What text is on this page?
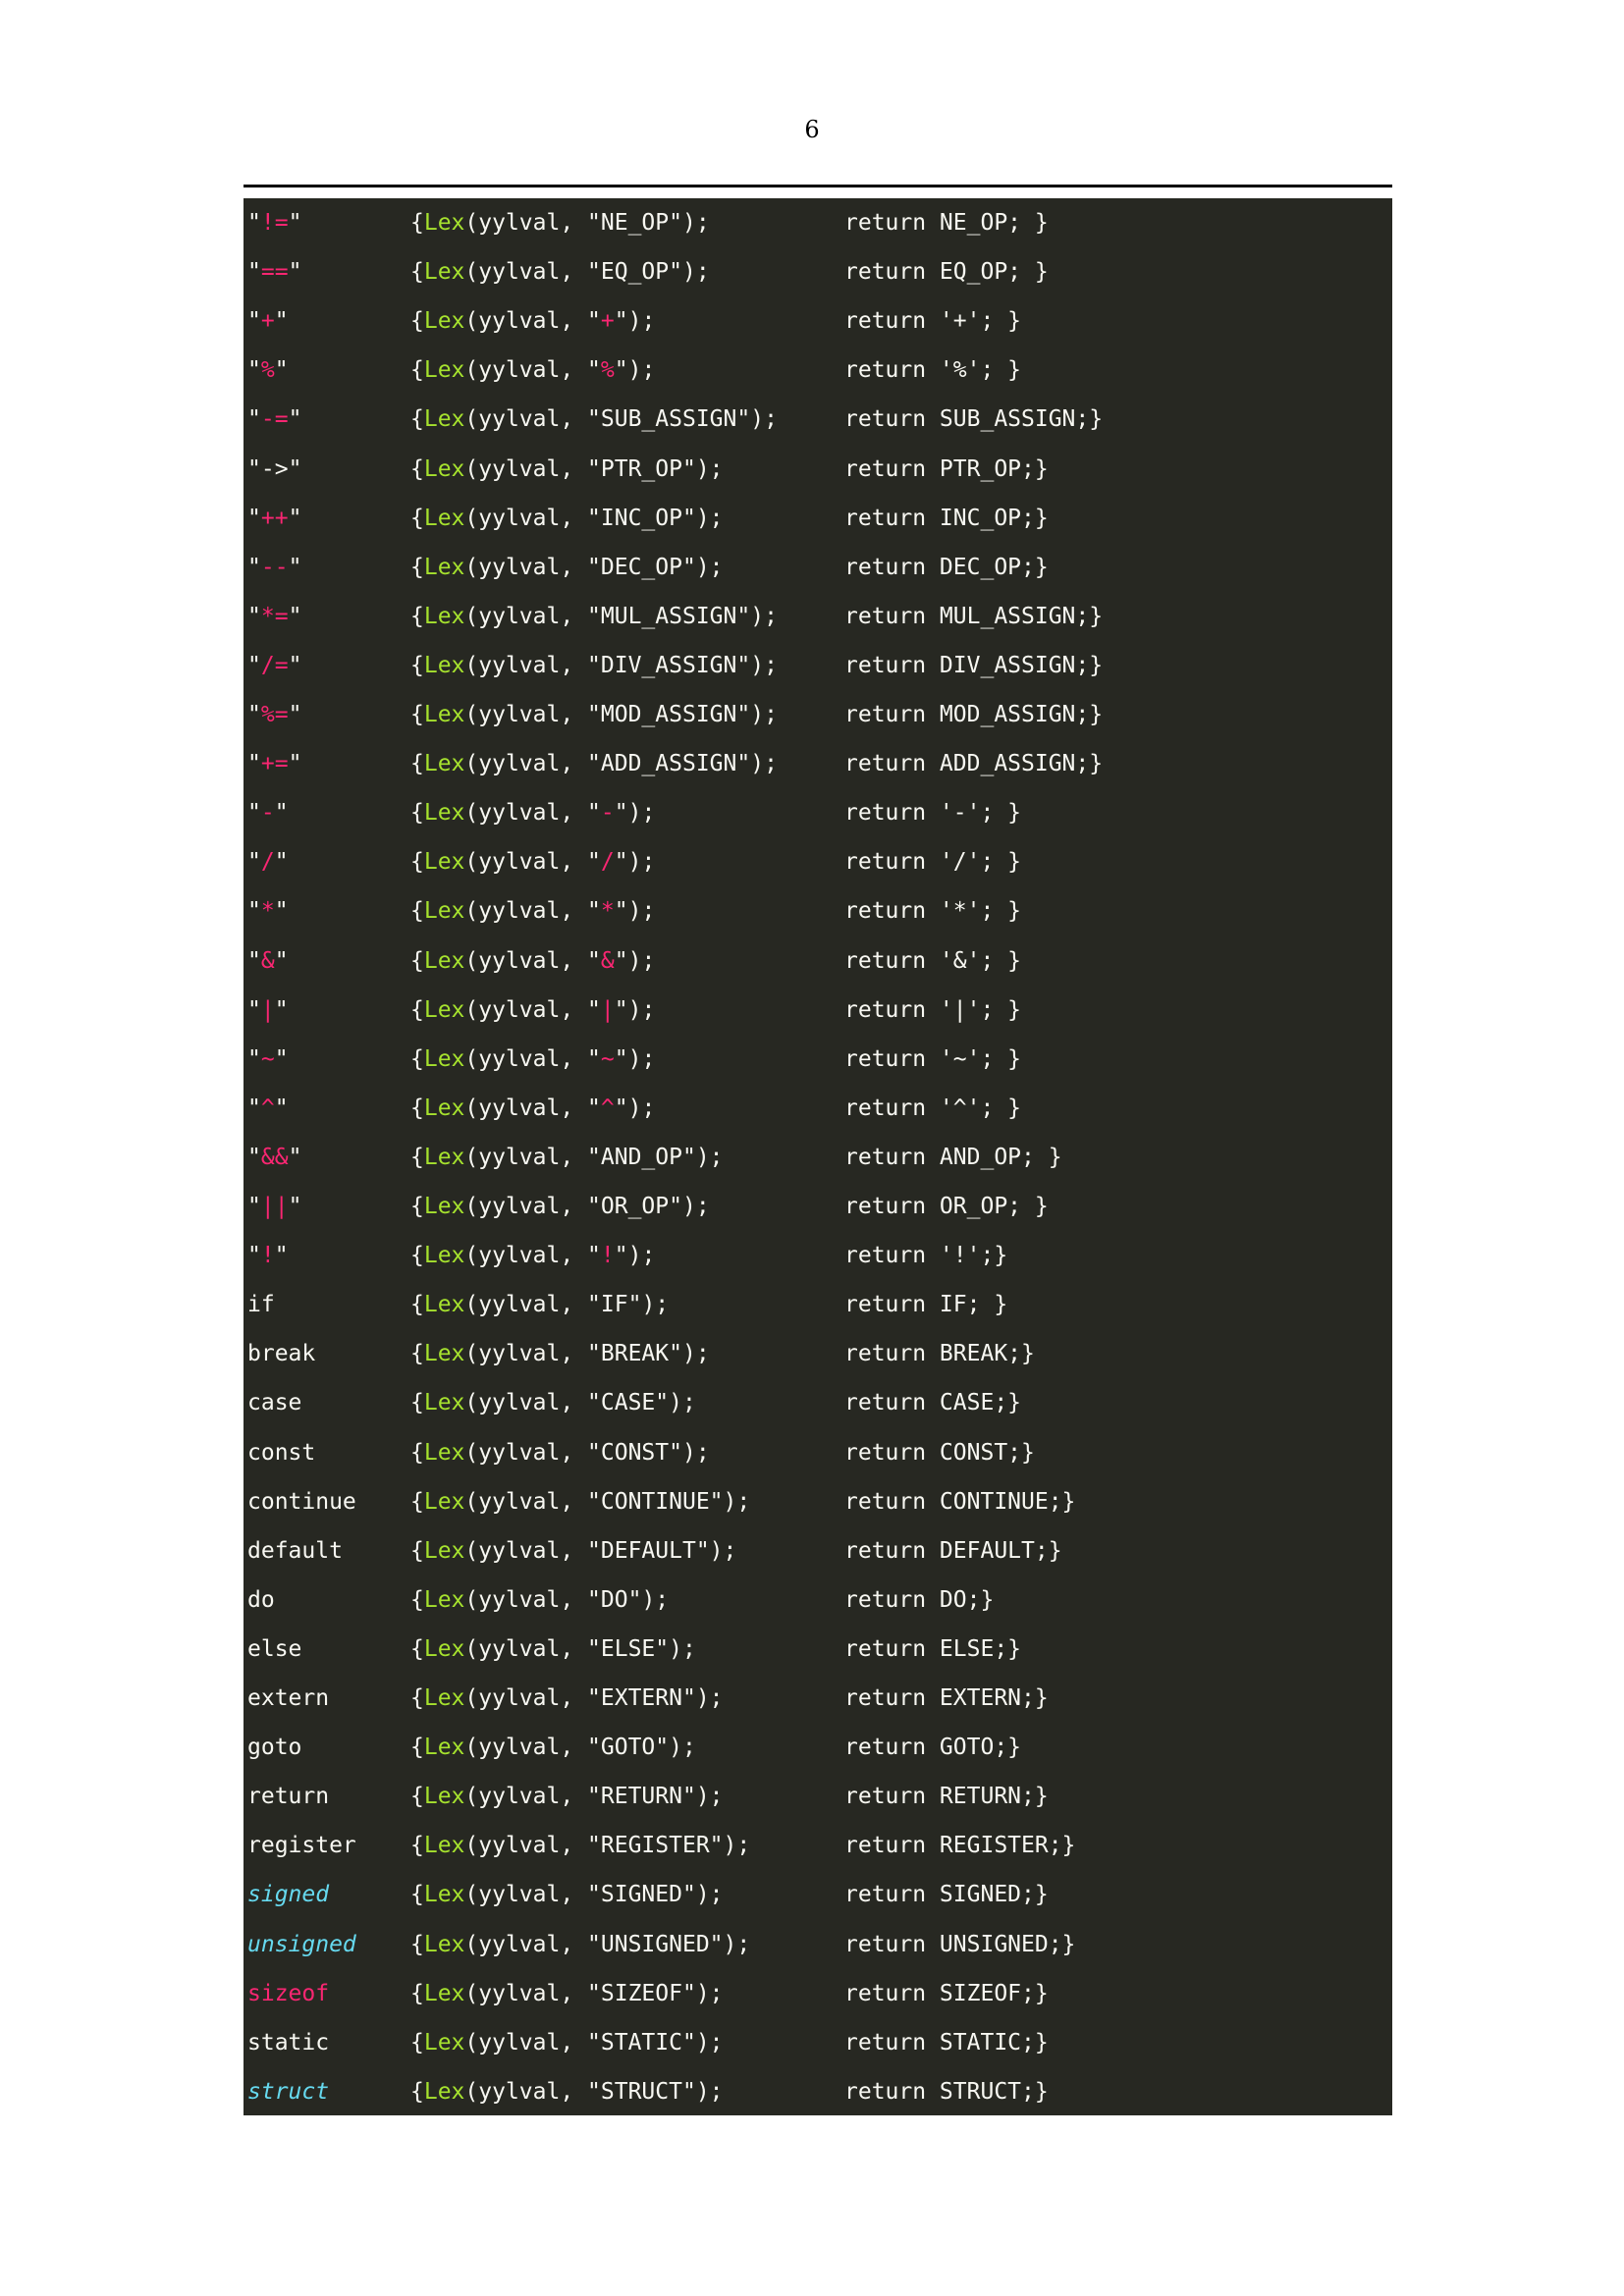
6
"!="	{Lex(yylval, "NE_OP");	return NE_OP; }
"=="	{Lex(yylval, "EQ_OP");	return EQ_OP; }
"+"	{Lex(yylval, "+");	return '+'; }
"%"	{Lex(yylval, "%");	return '%'; }
"-="	{Lex(yylval, "SUB_ASSIGN");	return SUB_ASSIGN;}
"->"	{Lex(yylval, "PTR_OP");	return PTR_OP;}
"++"	{Lex(yylval, "INC_OP");	return INC_OP;}
"--"	{Lex(yylval, "DEC_OP");	return DEC_OP;}
"*="	{Lex(yylval, "MUL_ASSIGN");	return MUL_ASSIGN;}
"/="	{Lex(yylval, "DIV_ASSIGN");	return DIV_ASSIGN;}
"%="	{Lex(yylval, "MOD_ASSIGN");	return MOD_ASSIGN;}
"+="	{Lex(yylval, "ADD_ASSIGN");	return ADD_ASSIGN;}
"-"	{Lex(yylval, "-");	return '-'; }
"/"	{Lex(yylval, "/");	return '/'; }
"*"	{Lex(yylval, "*");	return '*'; }
"&"	{Lex(yylval, "&");	return '&'; }
"|"	{Lex(yylval, "|");	return '|'; }
"~"	{Lex(yylval, "~");	return '~'; }
"^"	{Lex(yylval, "^");	return '^'; }
"&&"	{Lex(yylval, "AND_OP");	return AND_OP; }
"||"	{Lex(yylval, "OR_OP");	return OR_OP; }
"!"	{Lex(yylval, "!");	return '!';}
if	{Lex(yylval, "IF");	return IF; }
break	{Lex(yylval, "BREAK");	return BREAK;}
case	{Lex(yylval, "CASE");	return CASE;}
const	{Lex(yylval, "CONST");	return CONST;}
continue {Lex(yylval, "CONTINUE");	return CONTINUE;}
default	{Lex(yylval, "DEFAULT");	return DEFAULT;}
do	{Lex(yylval, "DO");	return DO;}
else	{Lex(yylval, "ELSE");	return ELSE;}
extern	{Lex(yylval, "EXTERN");	return EXTERN;}
goto	{Lex(yylval, "GOTO");	return GOTO;}
return	{Lex(yylval, "RETURN");	return RETURN;}
register {Lex(yylval, "REGISTER");	return REGISTER;}
signed	{Lex(yylval, "SIGNED");	return SIGNED;}
unsigned {Lex(yylval, "UNSIGNED");	return UNSIGNED;}
sizeof	{Lex(yylval, "SIZEOF");	return SIZEOF;}
static	{Lex(yylval, "STATIC");	return STATIC;}
struct	{Lex(yylval, "STRUCT");	return STRUCT;}
